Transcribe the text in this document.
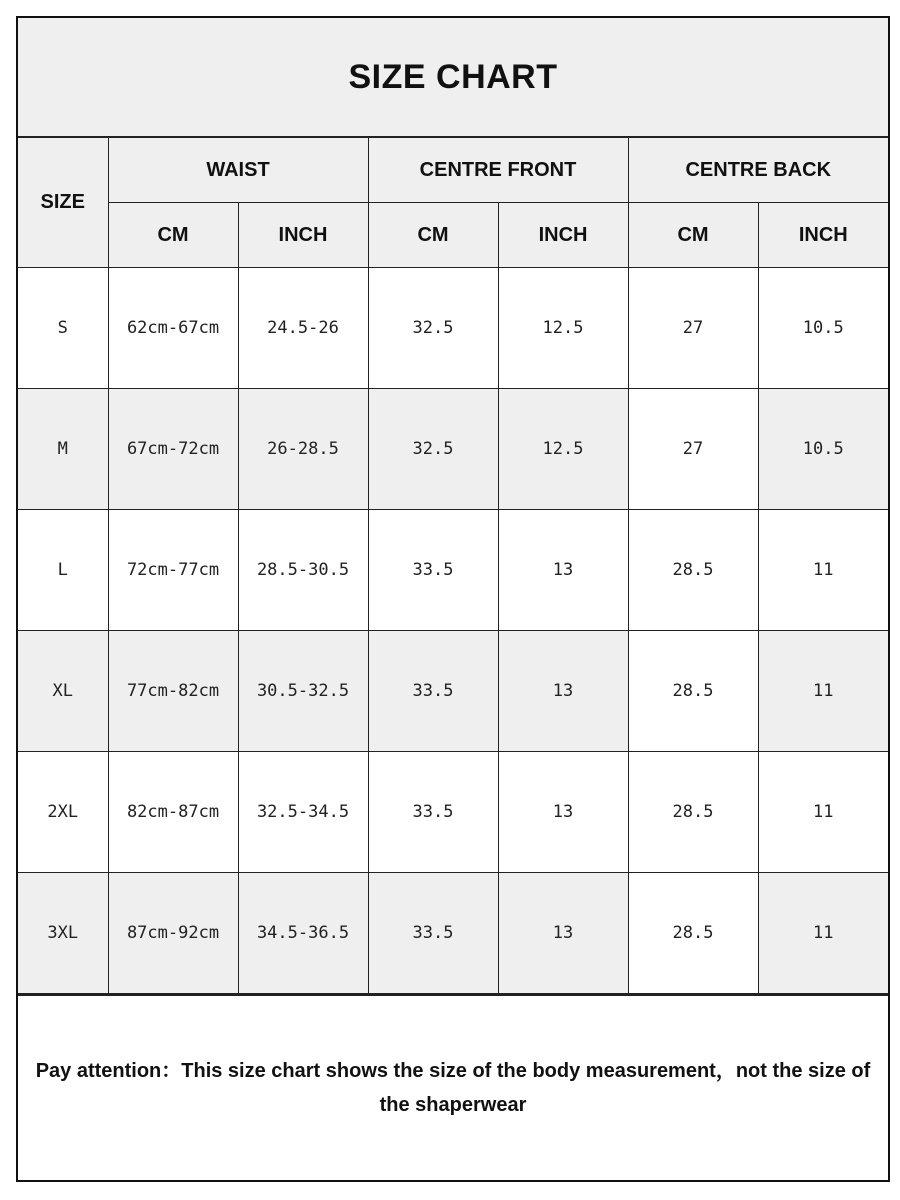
SIZE CHART
SIZE	WAIST		CENTRE FRONT		CENTRE BACK	
	CM	INCH	CM	INCH	CM	INCH
S	62cm-67cm	24.5-26	32.5	12.5	27	10.5
M	67cm-72cm	26-28.5	32.5	12.5	27	10.5
L	72cm-77cm	28.5-30.5	33.5	13	28.5	11
XL	77cm-82cm	30.5-32.5	33.5	13	28.5	11
2XL	82cm-87cm	32.5-34.5	33.5	13	28.5	11
3XL	87cm-92cm	34.5-36.5	33.5	13	28.5	11
Pay attention：This size chart shows the size of the body measurement，not the size of the shaperwear
